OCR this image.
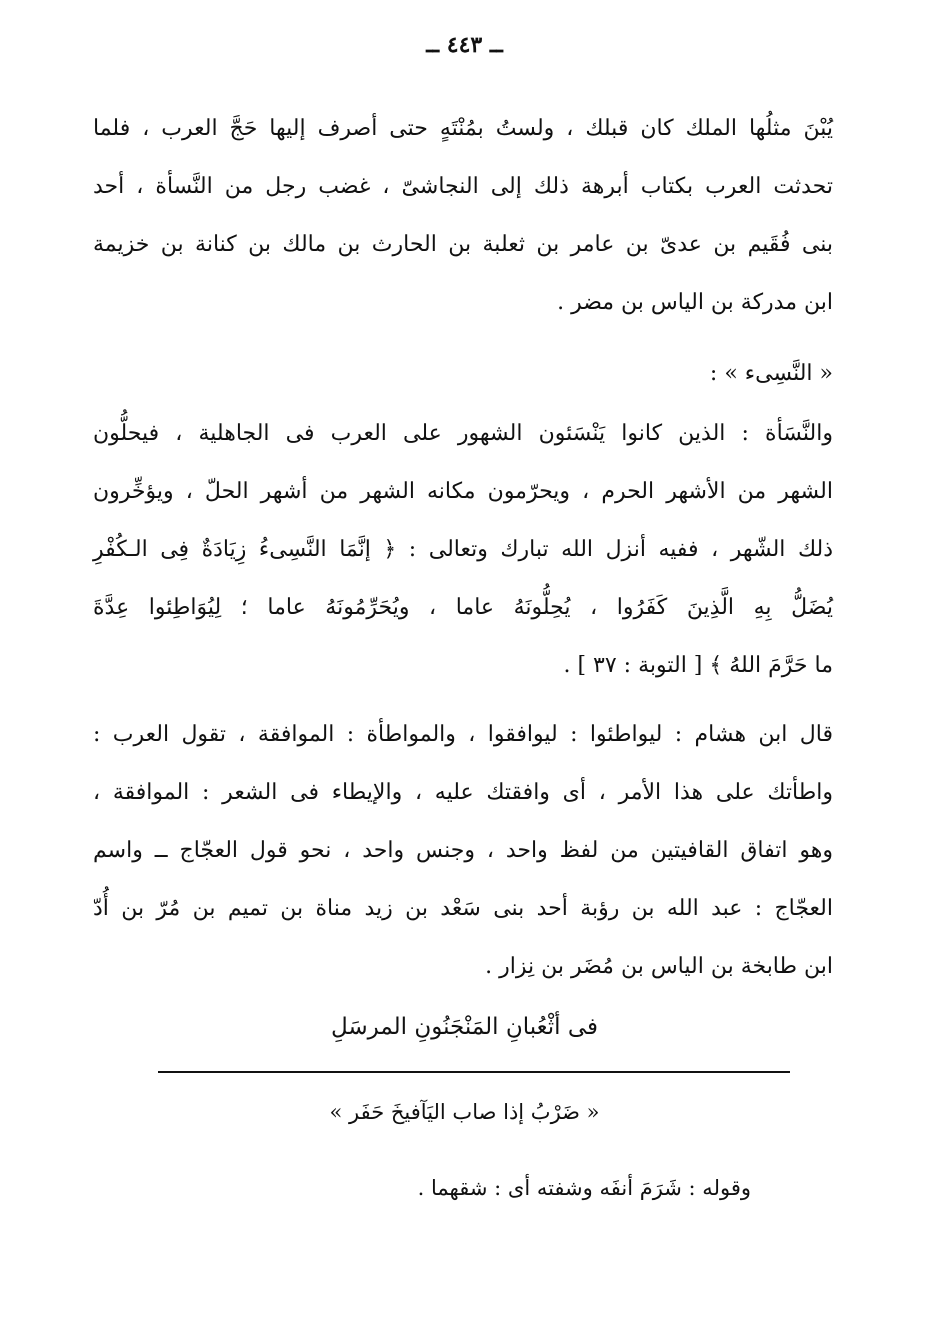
ــ ٤٤٣ ــ
يُبْنَ مثلُها الملك كان قبلك ، ولستُ بمُنْتَهٍ حتى أصرف إليها حَجَّ العرب ، فلما
تحدثت العرب بكتاب أبرهة ذلك إلى النجاشىّ ، غضب رجل من النَّسأة ، أحد
بنى فُقَيم بن عدىّ بن عامر بن ثعلبة بن الحارث بن مالك بن كنانة بن خزيمة
ابن مدركة بن الياس بن مضر .
« النَّسِىء » :
والنَّسَأة : الذين كانوا يَنْسَئون الشهور على العرب فى الجاهلية ، فيحلُّون
الشهر من الأشهر الحرم ، ويحرّمون مكانه الشهر من أشهر الحلّ ، ويؤخِّرون
ذلك الشّهر ، ففيه أنزل الله تبارك وتعالى : ﴿ إنَّمَا النَّسِىءُ زِيَادَةٌ فِى الـكُفْرِ
يُضَلُّ بِهِ الَّذِينَ كَفَرُوا ، يُحِلُّونَهُ عاما ، ويُحَرِّمُونَهُ عاما ؛ لِيُوَاطِئوا عِدَّةَ
ما حَرَّمَ اللهُ ﴾ [ التوبة : ٣٧ ] .
قال ابن هشام : ليواطئوا : ليوافقوا ، والمواطأة : الموافقة ، تقول العرب :
واطأتك على هذا الأمر ، أى وافقتك عليه ، والإيطاء فى الشعر : الموافقة ،
وهو اتفاق القافيتين من لفظ واحد ، وجنس واحد ، نحو قول العجّاج ــ واسم
العجّاج : عبد الله بن رؤبة أحد بنى سَعْد بن زيد مناة بن تميم بن مُرّ بن أُدّ
ابن طابخة بن الياس بن مُضَر بن نِزار .
فى أثْعُبانِ المَنْجَنُونِ المرسَلِ
« ضَرْبُ إذا صاب اليَآفيخَ حَفَر »
وقوله : شَرَمَ أنفَه وشفته أى : شقهما .
